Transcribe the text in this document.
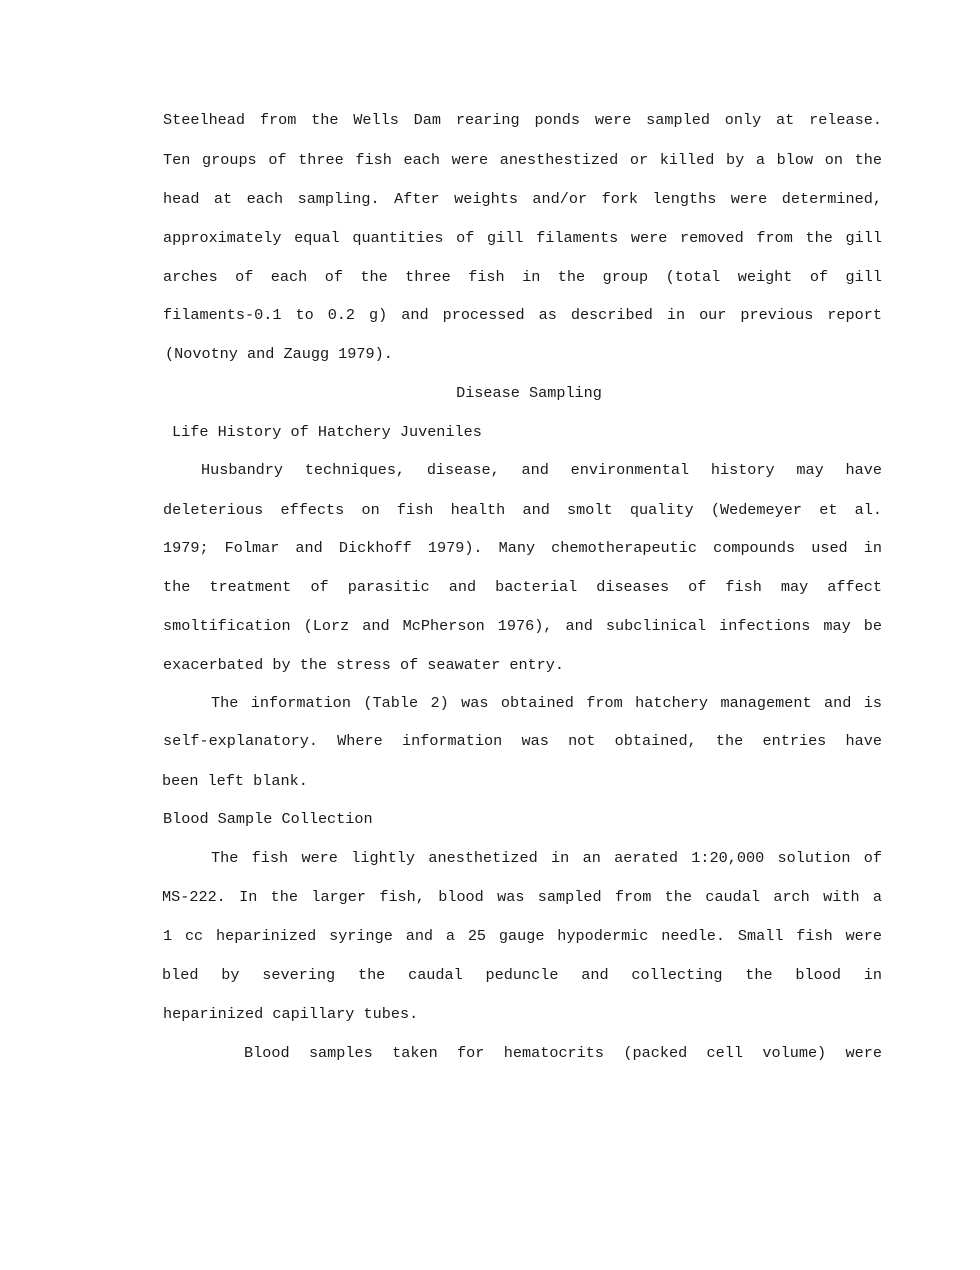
Steelhead from the Wells Dam rearing ponds were sampled only at release.

Ten groups of three fish each were anesthestized or killed by a blow on the

head at each sampling. After weights and/or fork lengths were determined,

approximately equal quantities of gill filaments were removed from the gill

arches of each of the three fish in the group (total weight of gill

filaments-0.1 to 0.2 g) and processed as described in our previous report

(Novotny and Zaugg 1979).

Disease Sampling

Life History of Hatchery Juveniles

Husbandry techniques, disease, and environmental history may have

deleterious effects on fish health and smolt quality (Wedemeyer et al.

1979; Folmar and Dickhoff 1979). Many chemotherapeutic compounds used in

the treatment of parasitic and bacterial diseases of fish may affect

smoltification (Lorz and McPherson 1976), and subclinical infections may be

exacerbated by the stress of seawater entry.

The information (Table 2) was obtained from hatchery management and is

self-explanatory. Where information was not obtained, the entries have

been left blank.

Blood Sample Collection

The fish were lightly anesthetized in an aerated 1:20,000 solution of

MS-222. In the larger fish, blood was sampled from the caudal arch with a

1 cc heparinized syringe and a 25 gauge hypodermic needle. Small fish were

bled by severing the caudal peduncle and collecting the blood in

heparinized capillary tubes.

Blood samples taken for hematocrits (packed cell volume) were
